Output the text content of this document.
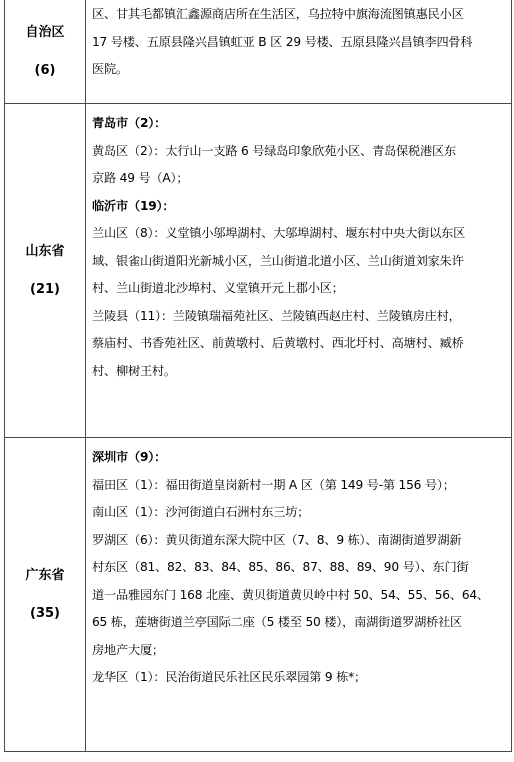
自治区
(6)

区、甘其毛都镇汇鑫源商店所在生活区，乌拉特中旗海流图镇惠民小区

17 号楼、五原县隆兴昌镇虹亚 B 区 29 号楼、五原县隆兴昌镇李四骨科

医院。

山东省
(21)

青岛市（2）：

黄岛区（2）：太行山一支路 6 号绿岛印象欣苑小区、青岛保税港区东

京路 49 号（A）；

临沂市（19）：

兰山区（8）：义堂镇小邬埠湖村、大邬埠湖村、堰东村中央大街以东区

域、银雀山街道阳光新城小区，兰山街道北道小区、兰山街道刘家朱许

村、兰山街道北沙埠村、义堂镇开元上郡小区；

兰陵县（11）：兰陵镇瑞福苑社区、兰陵镇西赵庄村、兰陵镇房庄村，

蔡庙村、书香苑社区、前黄墩村、后黄墩村、西北圩村、高塘村、臧桥

村、柳树王村。

广东省
(35)

深圳市（9）：

福田区（1）：福田街道皇岗新村一期 A 区（第 149 号-第 156 号）；

南山区（1）：沙河街道白石洲村东三坊；

罗湖区（6）：黄贝街道东深大院中区（7、8、9 栋）、南湖街道罗湖新

村东区（81、82、83、84、85、86、87、88、89、90 号）、东门街

道一品雅园东门 168 北座、黄贝街道黄贝岭中村 50、54、55、56、64、

65 栋，莲塘街道兰亭国际二座（5 楼至 50 楼），南湖街道罗湖桥社区

房地产大厦；

龙华区（1）：民治街道民乐社区民乐翠园第 9 栋*；
